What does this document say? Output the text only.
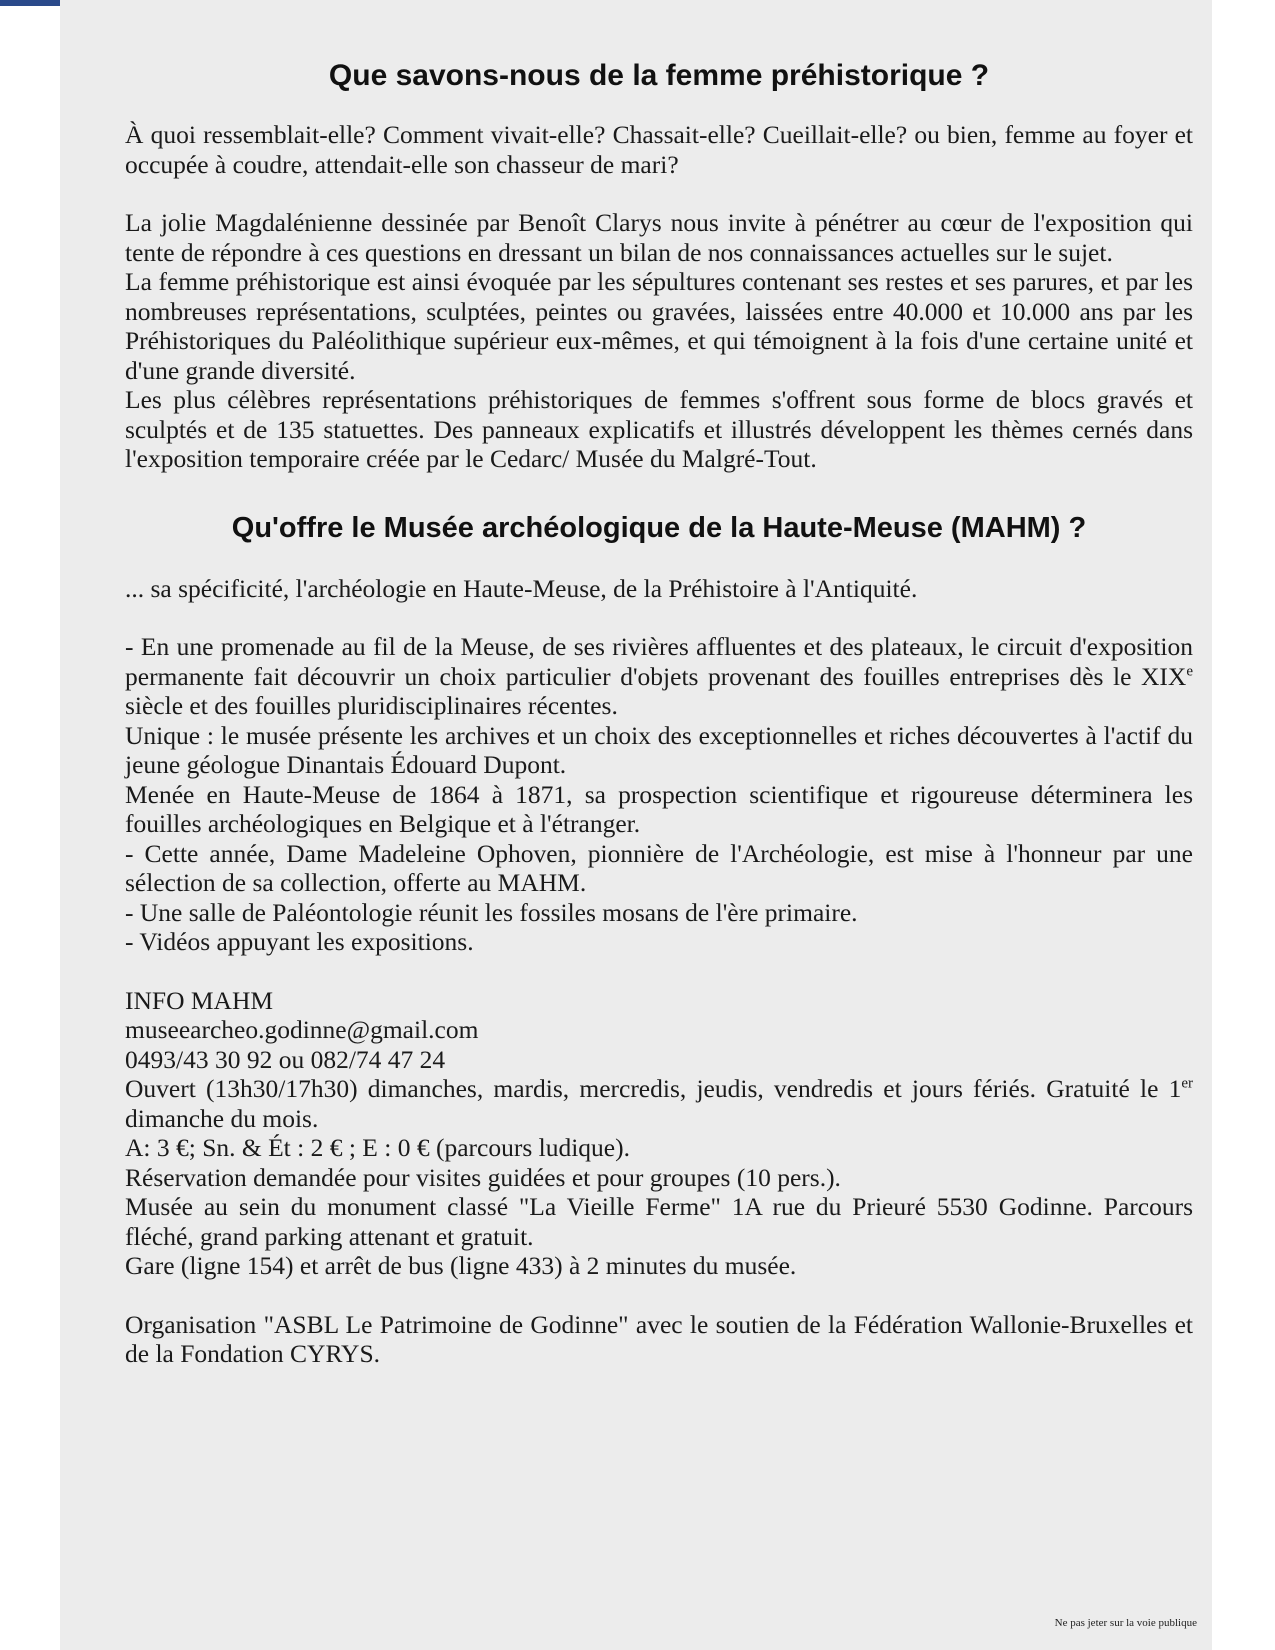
Que savons-nous de la femme préhistorique ?

À quoi ressemblait-elle? Comment vivait-elle? Chassait-elle? Cueillait-elle? ou bien, femme au foyer et occupée à coudre, attendait-elle son chasseur de mari?

La jolie Magdalénienne dessinée par Benoît Clarys nous invite à pénétrer au cœur de l'exposition qui tente de répondre à ces questions en dressant un bilan de nos connaissances actuelles sur le sujet.

La femme préhistorique est ainsi évoquée par les sépultures contenant ses restes et ses parures, et par les nombreuses représentations, sculptées, peintes ou gravées, laissées entre 40.000 et 10.000 ans par les Préhistoriques du Paléolithique supérieur eux-mêmes, et qui témoignent à la fois d'une certaine unité et d'une grande diversité.

Les plus célèbres représentations préhistoriques de femmes s'offrent sous forme de blocs gravés et sculptés et de 135 statuettes. Des panneaux explicatifs et illustrés développent les thèmes cernés dans l'exposition temporaire créée par le Cedarc/ Musée du Malgré-Tout.

Qu'offre le Musée archéologique de la Haute-Meuse (MAHM) ?

... sa spécificité, l'archéologie en Haute-Meuse, de la Préhistoire à l'Antiquité.

- En une promenade au fil de la Meuse, de ses rivières affluentes et des plateaux, le circuit d'exposition permanente fait découvrir un choix particulier d'objets provenant des fouilles entreprises dès le XIXe siècle et des fouilles pluridisciplinaires récentes.

Unique : le musée présente les archives et un choix des exceptionnelles et riches découvertes à l'actif du jeune géologue Dinantais Édouard Dupont.

Menée en Haute-Meuse de 1864 à 1871, sa prospection scientifique et rigoureuse déterminera les fouilles archéologiques en Belgique et à l'étranger.

- Cette année, Dame Madeleine Ophoven, pionnière de l'Archéologie, est mise à l'honneur par une sélection de sa collection, offerte au MAHM.

- Une salle de Paléontologie réunit les fossiles mosans de l'ère primaire.

- Vidéos appuyant les expositions.

INFO MAHM

museearcheo.godinne@gmail.com

0493/43 30 92 ou 082/74 47 24

Ouvert (13h30/17h30) dimanches, mardis, mercredis, jeudis, vendredis et jours fériés. Gratuité le 1er dimanche du mois.

A: 3 €; Sn. & Ét : 2 € ; E : 0 € (parcours ludique).

Réservation demandée pour visites guidées et pour groupes (10 pers.).

Musée au sein du monument classé "La Vieille Ferme" 1A rue du Prieuré 5530 Godinne. Parcours fléché, grand parking attenant et gratuit.

Gare (ligne 154) et arrêt de bus (ligne 433) à 2 minutes du musée.

Organisation "ASBL Le Patrimoine de Godinne" avec le soutien de la Fédération Wallonie-Bruxelles et de la Fondation CYRYS.

Ne pas jeter sur la voie publique
